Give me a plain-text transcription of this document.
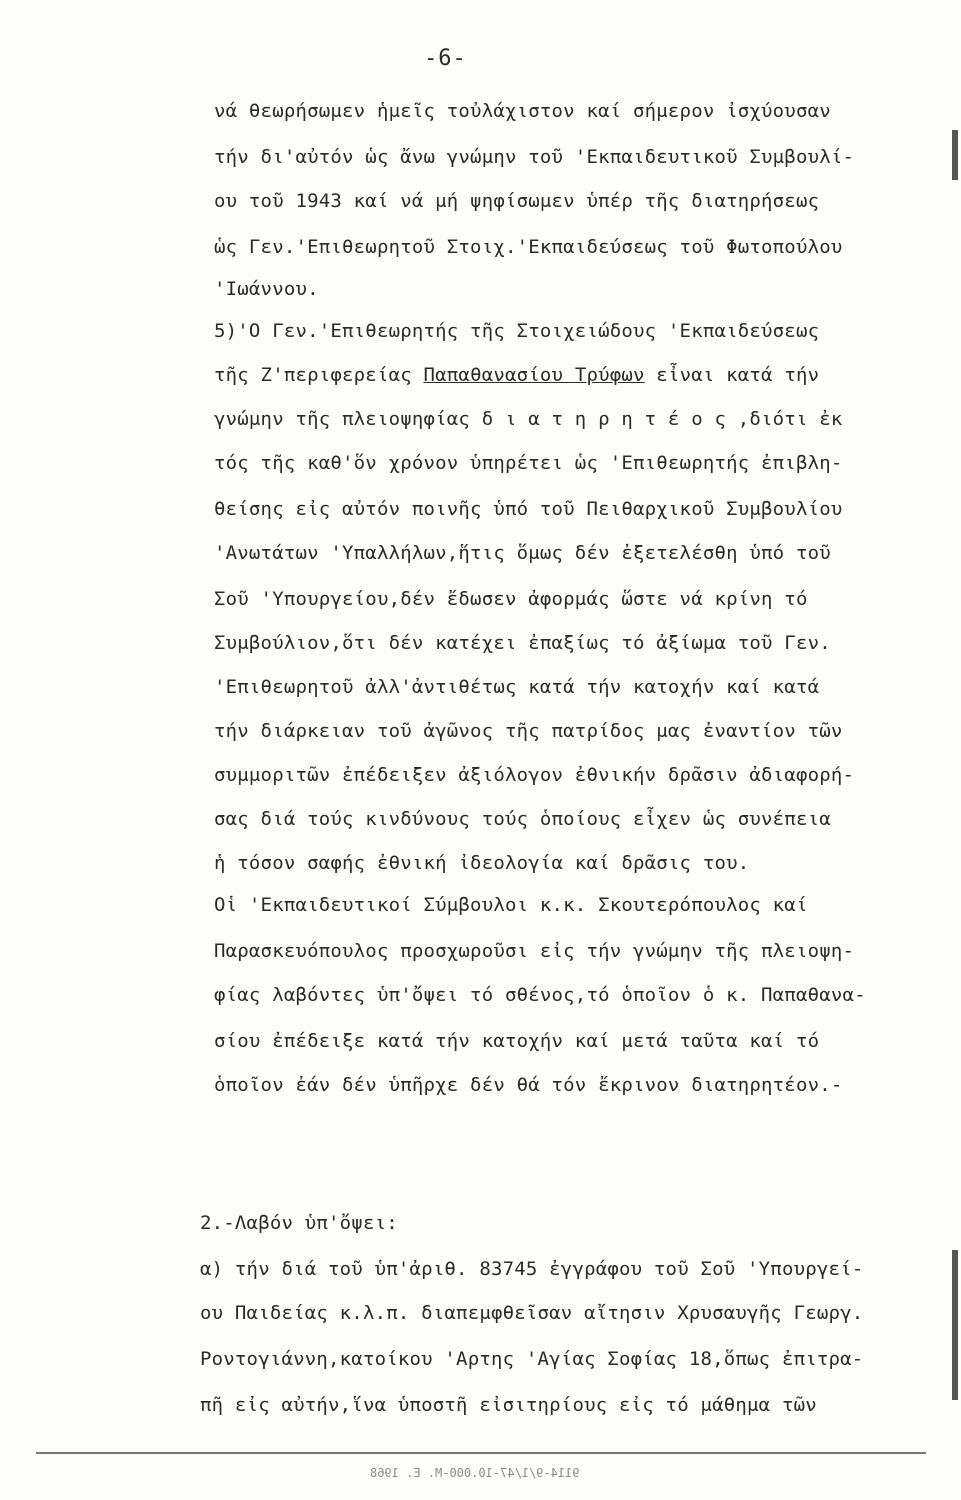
-6-
νά θεωρήσωμεν ἡμεῖς τοὐλάχιστον καί σήμερον ἰσχύουσαν
τήν δι'αὐτόν ὡς ἄνω γνώμην τοῦ 'Εκπαιδευτικοῦ Συμβουλί-
ου τοῦ 1943 καί νά μή ψηφίσωμεν ὑπέρ τῆς διατηρήσεως
ὡς Γεν.'Επιθεωρητοῦ Στοιχ.'Εκπαιδεύσεως τοῦ Φωτοπούλου
'Ιωάννου.
5)'Ο Γεν.'Επιθεωρητής τῆς Στοιχειώδους 'Εκπαιδεύσεως
τῆς Ζ'περιφερείας Παπαθανασίου Τρύφων εἶναι κατά τήν
γνώμην τῆς πλειοψηφίας δ ι α τ η ρ η τ έ ο ς ,διότι ἐκ
τός τῆς καθ'ὅν χρόνον ὑπηρέτει ὡς 'Επιθεωρητής ἐπιβλη-
θείσης εἰς αὐτόν ποινῆς ὑπό τοῦ Πειθαρχικοῦ Συμβουλίου
'Ανωτάτων 'Υπαλλήλων,ἥτις ὅμως δέν ἐξετελέσθη ὑπό τοῦ
Σοῦ 'Υπουργείου,δέν ἔδωσεν ἀφορμάς ὥστε νά κρίνη τό
Συμβούλιον,ὅτι δέν κατέχει ἐπαξίως τό ἀξίωμα τοῦ Γεν.
'Επιθεωρητοῦ ἀλλ'ἀντιθέτως κατά τήν κατοχήν καί κατά
τήν διάρκειαν τοῦ ἀγῶνος τῆς πατρίδος μας ἐναντίον τῶν
συμμοριτῶν ἐπέδειξεν ἀξιόλογον ἐθνικήν δρᾶσιν ἀδιαφορή-
σας διά τούς κινδύνους τούς ὁποίους εἶχεν ὡς συνέπεια
ἡ τόσον σαφής ἐθνική ἰδεολογία καί δρᾶσις του.
Οἱ 'Εκπαιδευτικοί Σύμβουλοι κ.κ. Σκουτερόπουλος καί
Παρασκευόπουλος προσχωροῦσι εἰς τήν γνώμην τῆς πλειοψη-
φίας λαβόντες ὑπ'ὄψει τό σθένος,τό ὁποῖον ὁ κ. Παπαθανα-
σίου ἐπέδειξε κατά τήν κατοχήν καί μετά ταῦτα καί τό
ὁποῖον ἐάν δέν ὑπῆρχε δέν θά τόν ἔκρινον διατηρητέον.-
2.-Λαβόν ὑπ'ὄψει:
α) τήν διά τοῦ ὑπ'ἀριθ. 83745 ἐγγράφου τοῦ Σοῦ 'Υπουργεί-
ου Παιδείας κ.λ.π. διαπεμφθεῖσαν αἴτησιν Χρυσαυγῆς Γεωργ.
Ροντογιάννη,κατοίκου 'Αρτης 'Αγίας Σοφίας 18,ὅπως ἐπιτρα-
πῆ εἰς αὐτήν,ἵνα ὑποστῆ εἰσιτηρίους εἰς τό μάθημα τῶν
9114-9/1/47-10.000-Μ. Ε. 1968
